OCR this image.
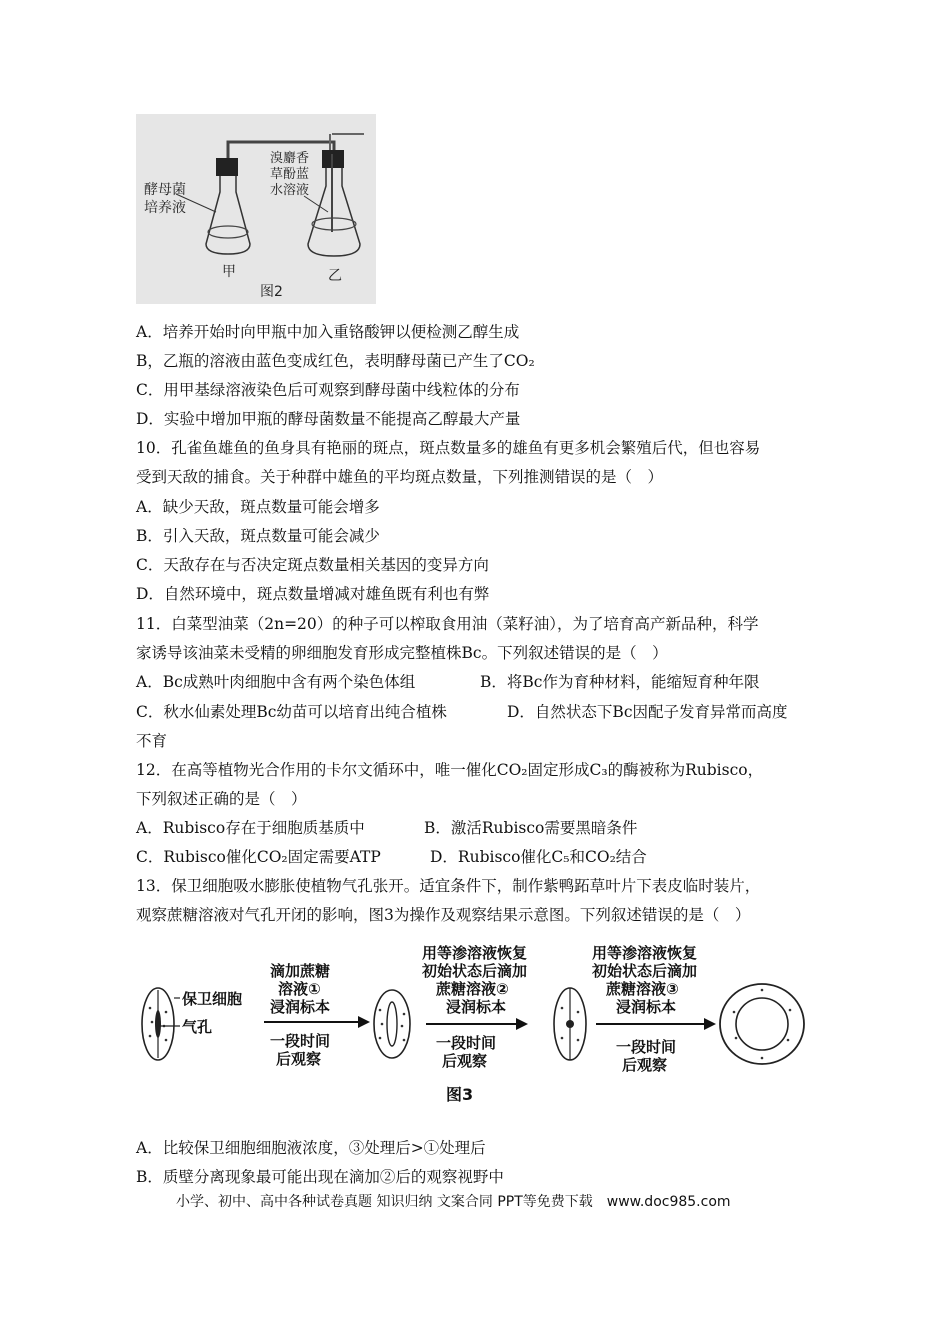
酵母菌
培养液
溴麝香
草酚蓝
水溶液
甲	乙
图2
A．培养开始时向甲瓶中加入重铬酸钾以便检测乙醇生成
B，乙瓶的溶液由蓝色变成红色，表明酵母菌已产生了CO₂
C．用甲基绿溶液染色后可观察到酵母菌中线粒体的分布
D．实验中增加甲瓶的酵母菌数量不能提高乙醇最大产量
10．孔雀鱼雄鱼的鱼身具有艳丽的斑点，斑点数量多的雄鱼有更多机会繁殖后代，但也容易
受到天敌的捕食。关于种群中雄鱼的平均斑点数量，下列推测错误的是（　）
A．缺少天敌，斑点数量可能会增多
B．引入天敌，斑点数量可能会减少
C．天敌存在与否决定斑点数量相关基因的变异方向
D．自然环境中，斑点数量增减对雄鱼既有利也有弊
11．白菜型油菜（2n=20）的种子可以榨取食用油（菜籽油），为了培育高产新品种，科学
家诱导该油菜未受精的卵细胞发育形成完整植株Bc。下列叙述错误的是（　）
A．Bc成熟叶肉细胞中含有两个染色体组	B．将Bc作为育种材料，能缩短育种年限
C．秋水仙素处理Bc幼苗可以培育出纯合植株	D．自然状态下Bc因配子发育异常而高度
不育
12．在高等植物光合作用的卡尔文循环中，唯一催化CO₂固定形成C₃的酶被称为Rubisco，
下列叙述正确的是（　）
A．Rubisco存在于细胞质基质中	B．激活Rubisco需要黑暗条件
C．Rubisco催化CO₂固定需要ATP	D．Rubisco催化C₅和CO₂结合
13．保卫细胞吸水膨胀使植物气孔张开。适宜条件下，制作紫鸭跖草叶片下表皮临时装片，
观察蔗糖溶液对气孔开闭的影响，图3为操作及观察结果示意图。下列叙述错误的是（　）
保卫细胞
气孔
滴加蔗糖
溶液①
浸润标本
一段时间
后观察
用等渗溶液恢复
初始状态后滴加
蔗糖溶液②
浸润标本
一段时间
后观察
图3
用等渗溶液恢复
初始状态后滴加
蔗糖溶液③
浸润标本
一段时间
后观察
A．比较保卫细胞细胞液浓度，③处理后>①处理后
B．质壁分离现象最可能出现在滴加②后的观察视野中
小学、初中、高中各种试卷真题 知识归纳 文案合同 PPT等免费下载　www.doc985.com
